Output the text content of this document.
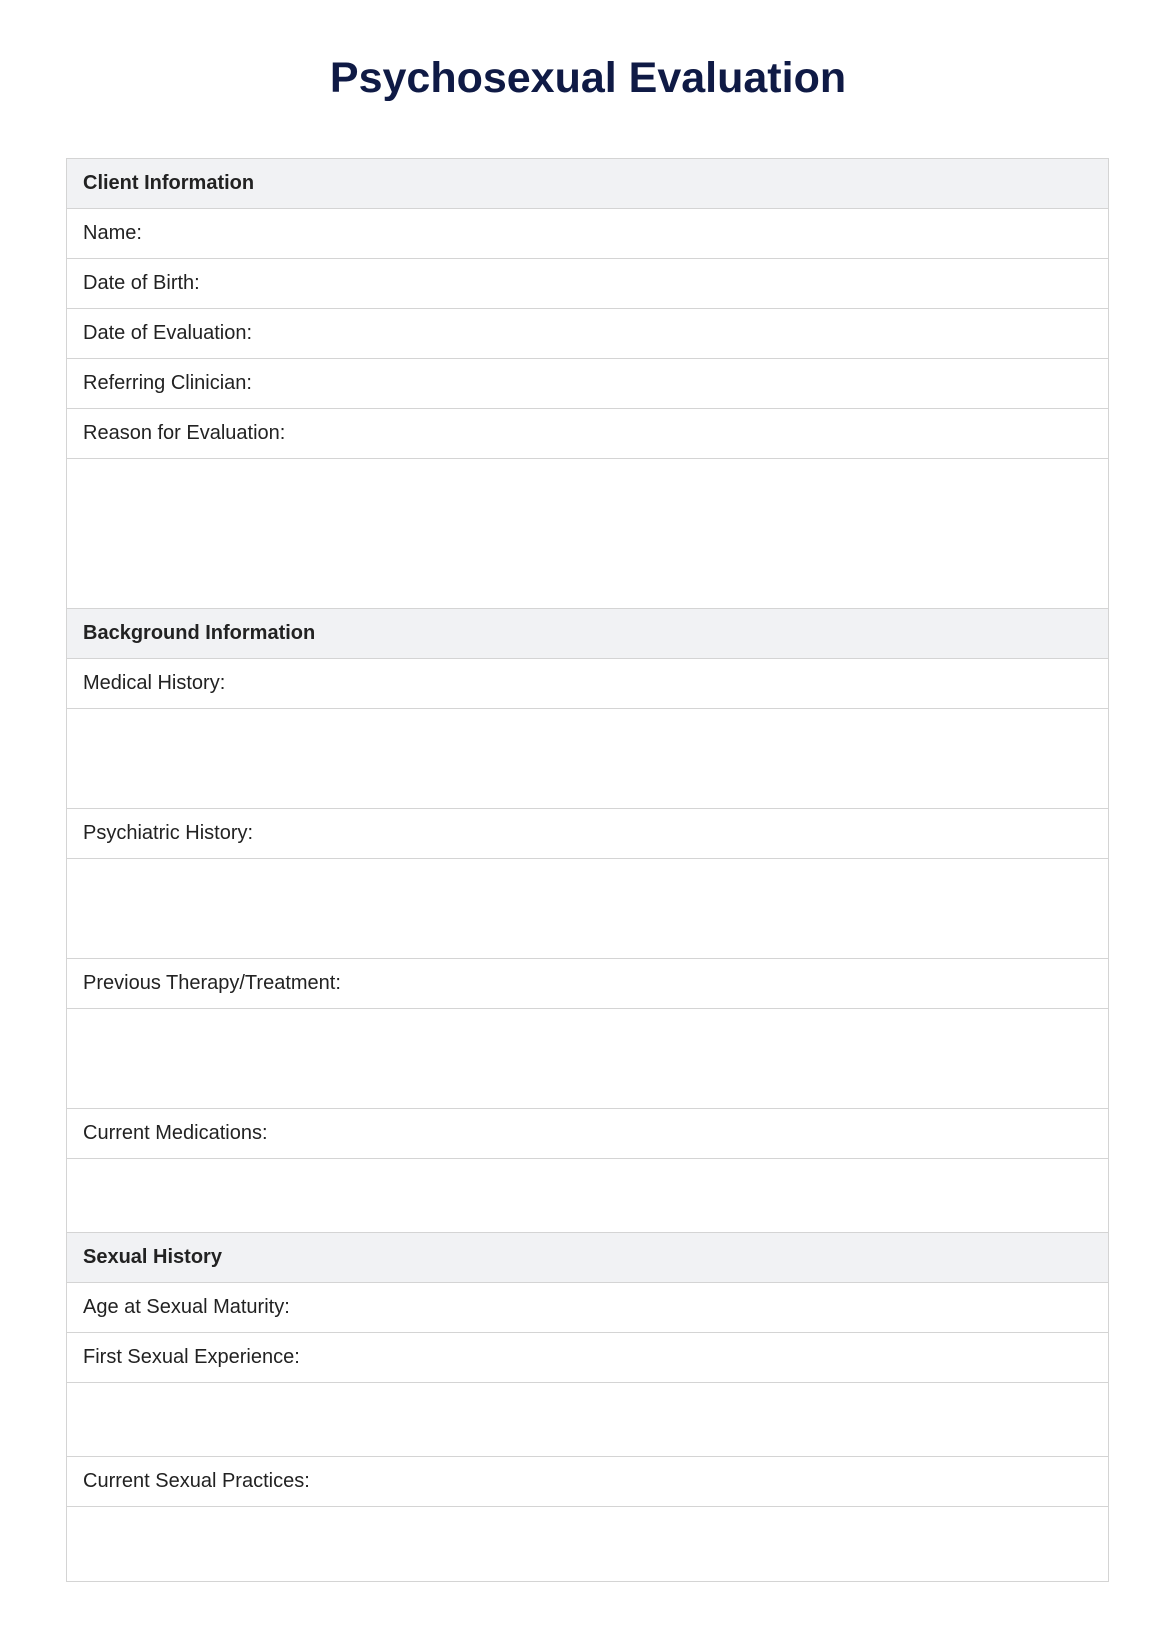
Psychosexual Evaluation
Client Information
Name:
Date of Birth:
Date of Evaluation:
Referring Clinician:
Reason for Evaluation:
Background Information
Medical History:
Psychiatric History:
Previous Therapy/Treatment:
Current Medications:
Sexual History
Age at Sexual Maturity:
First Sexual Experience:
Current Sexual Practices:
